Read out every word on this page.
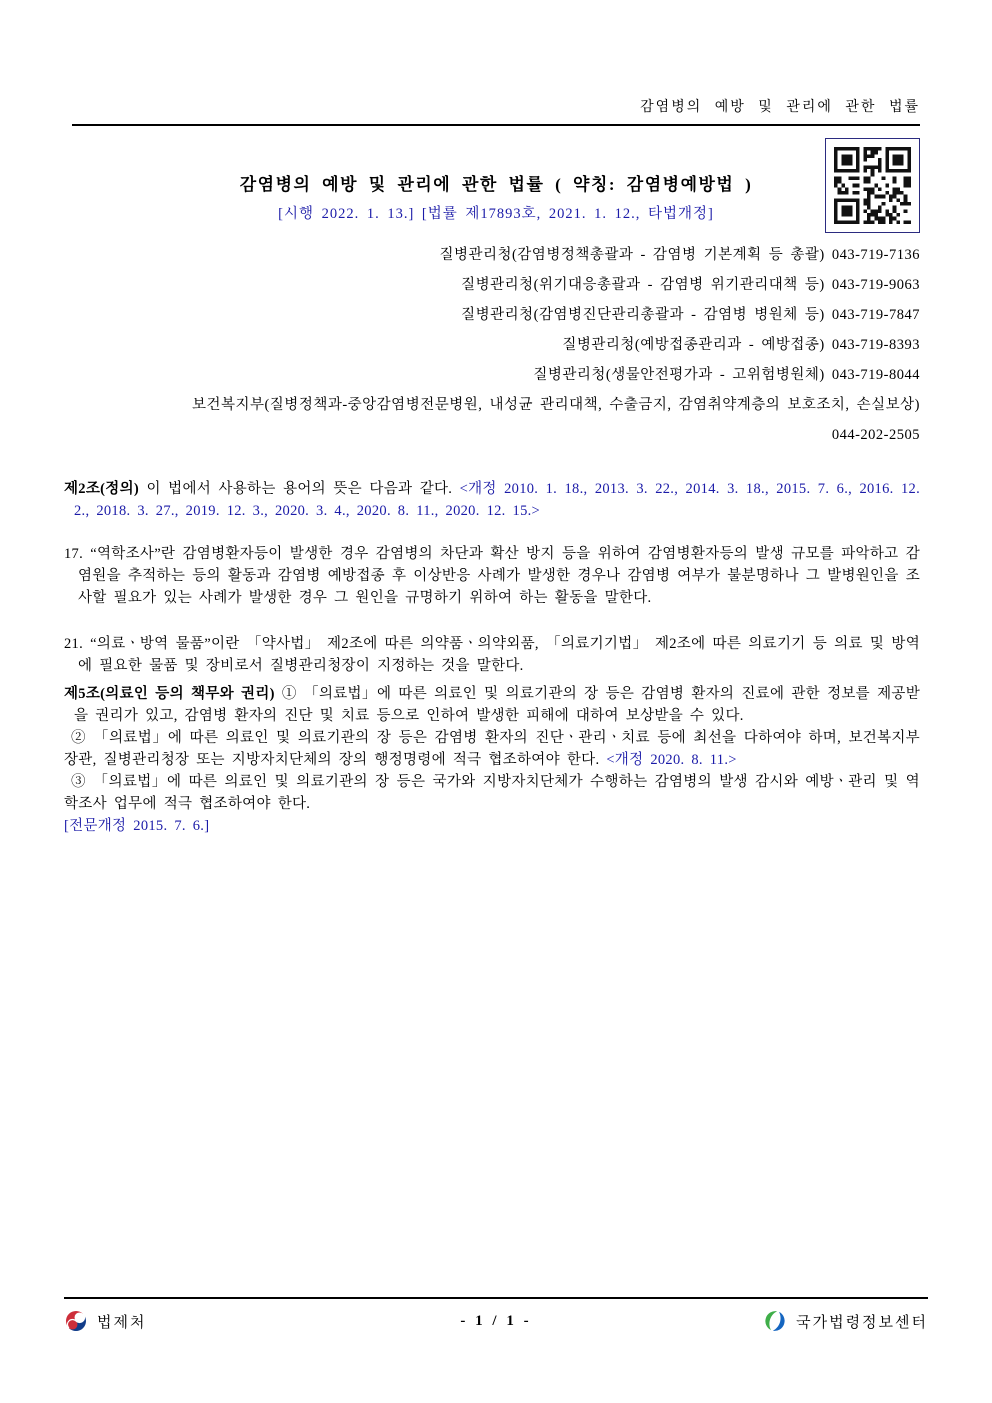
감염병의 예방 및 관리에 관한 법률
감염병의 예방 및 관리에 관한 법률 ( 약칭: 감염병예방법 )
[시행 2022. 1. 13.] [법률 제17893호, 2021. 1. 12., 타법개정]
질병관리청(감염병정책총괄과 - 감염병 기본계획 등 총괄) 043-719-7136
질병관리청(위기대응총괄과 - 감염병 위기관리대책 등) 043-719-9063
질병관리청(감염병진단관리총괄과 - 감염병 병원체 등) 043-719-7847
질병관리청(예방접종관리과 - 예방접종) 043-719-8393
질병관리청(생물안전평가과 - 고위험병원체) 043-719-8044
보건복지부(질병정책과-중앙감염병전문병원, 내성균 관리대책, 수출금지, 감염취약계층의 보호조치, 손실보상)
044-202-2505

제2조(정의) 이 법에서 사용하는 용어의 뜻은 다음과 같다. <개정 2010. 1. 18., 2013. 3. 22., 2014. 3. 18., 2015. 7. 6., 2016. 12. 2., 2018. 3. 27., 2019. 12. 3., 2020. 3. 4., 2020. 8. 11., 2020. 12. 15.>

17. “역학조사”란 감염병환자등이 발생한 경우 감염병의 차단과 확산 방지 등을 위하여 감염병환자등의 발생 규모를 파악하고 감염원을 추적하는 등의 활동과 감염병 예방접종 후 이상반응 사례가 발생한 경우나 감염병 여부가 불분명하나 그 발병원인을 조사할 필요가 있는 사례가 발생한 경우 그 원인을 규명하기 위하여 하는 활동을 말한다.

21. “의료ㆍ방역 물품”이란 「약사법」 제2조에 따른 의약품ㆍ의약외품, 「의료기기법」 제2조에 따른 의료기기 등 의료 및 방역에 필요한 물품 및 장비로서 질병관리청장이 지정하는 것을 말한다.

제5조(의료인 등의 책무와 권리) ① 「의료법」에 따른 의료인 및 의료기관의 장 등은 감염병 환자의 진료에 관한 정보를 제공받을 권리가 있고, 감염병 환자의 진단 및 치료 등으로 인하여 발생한 피해에 대하여 보상받을 수 있다.

② 「의료법」에 따른 의료인 및 의료기관의 장 등은 감염병 환자의 진단ㆍ관리ㆍ치료 등에 최선을 다하여야 하며, 보건복지부장관, 질병관리청장 또는 지방자치단체의 장의 행정명령에 적극 협조하여야 한다. <개정 2020. 8. 11.>

③ 「의료법」에 따른 의료인 및 의료기관의 장 등은 국가와 지방자치단체가 수행하는 감염병의 발생 감시와 예방ㆍ관리 및 역학조사 업무에 적극 협조하여야 한다.

[전문개정 2015. 7. 6.]

법제처	- 1 / 1 -	국가법령정보센터
